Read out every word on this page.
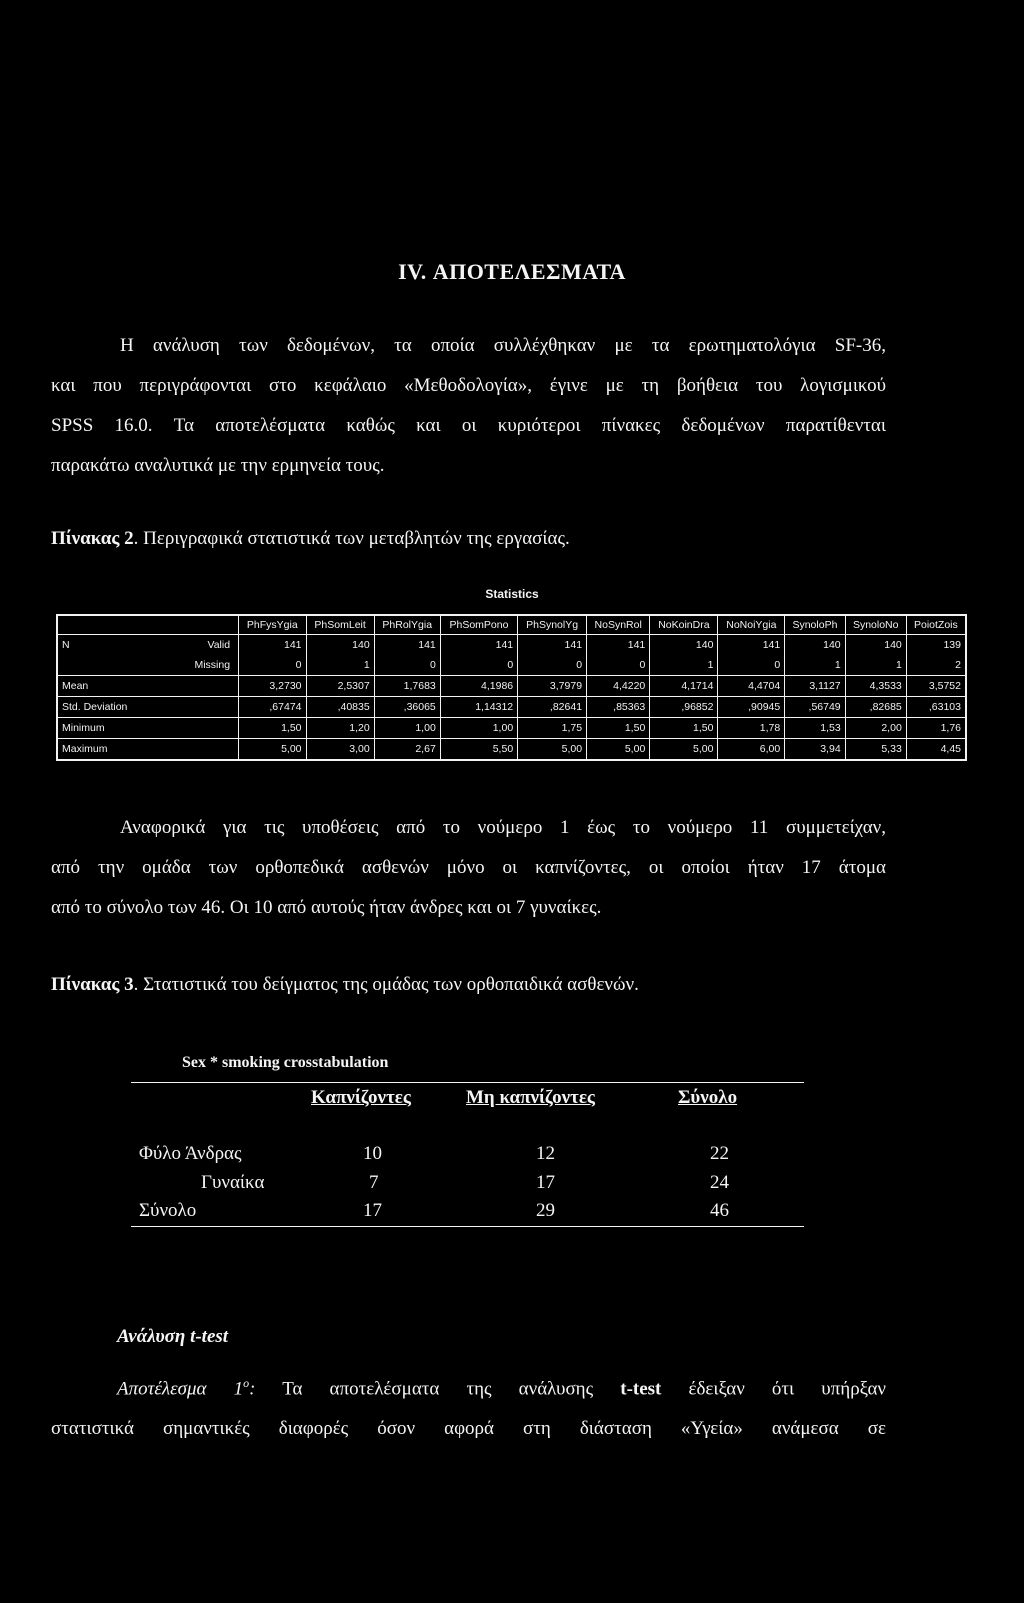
IV. ΑΠΟΤΕΛΕΣΜΑΤΑ
Η ανάλυση των δεδομένων, τα οποία συλλέχθηκαν με τα ερωτηματολόγια SF-36,
και που περιγράφονται στο κεφάλαιο «Μεθοδολογία», έγινε με τη βοήθεια του λογισμικού
SPSS 16.0. Τα αποτελέσματα καθώς και οι κυριότεροι πίνακες δεδομένων παρατίθενται
παρακάτω αναλυτικά με την ερμηνεία τους.
Πίνακας 2. Περιγραφικά στατιστικά των μεταβλητών της εργασίας.
Statistics
		PhFysYgia	PhSomLeit	PhRolYgia	PhSomPono	PhSynolYg	NoSynRol	NoKoinDra	NoNoiYgia	SynoloPh	SynoloNo	PoiotZois
N	Valid	141	140	141	141	141	141	140	141	140	140	139
	Missing	0	1	0	0	0	0	1	0	1	1	2
Mean		3,2730	2,5307	1,7683	4,1986	3,7979	4,4220	4,1714	4,4704	3,1127	4,3533	3,5752
Std. Deviation		,67474	,40835	,36065	1,14312	,82641	,85363	,96852	,90945	,56749	,82685	,63103
Minimum		1,50	1,20	1,00	1,00	1,75	1,50	1,50	1,78	1,53	2,00	1,76
Maximum		5,00	3,00	2,67	5,50	5,00	5,00	5,00	6,00	3,94	5,33	4,45
Αναφορικά για τις υποθέσεις από το νούμερο 1 έως το νούμερο 11 συμμετείχαν,
από την ομάδα των ορθοπεδικά ασθενών μόνο οι καπνίζοντες, οι οποίοι ήταν 17 άτομα
από το σύνολο των 46. Οι 10 από αυτούς ήταν άνδρες και οι 7 γυναίκες.
Πίνακας 3. Στατιστικά του δείγματος της ομάδας των ορθοπαιδικά ασθενών.
Sex * smoking crosstabulation
Καπνίζοντες	Μη καπνίζοντες	Σύνολο
Φύλο Άνδρας	10	12	22
Γυναίκα	7	17	24
Σύνολο	17	29	46
Ανάλυση t-test
Αποτέλεσμα $1^o$: Τα αποτελέσματα της ανάλυσης t-test έδειξαν ότι υπήρξαν
στατιστικά σημαντικές διαφορές όσον αφορά στη διάσταση «Υγεία» ανάμεσα σε
